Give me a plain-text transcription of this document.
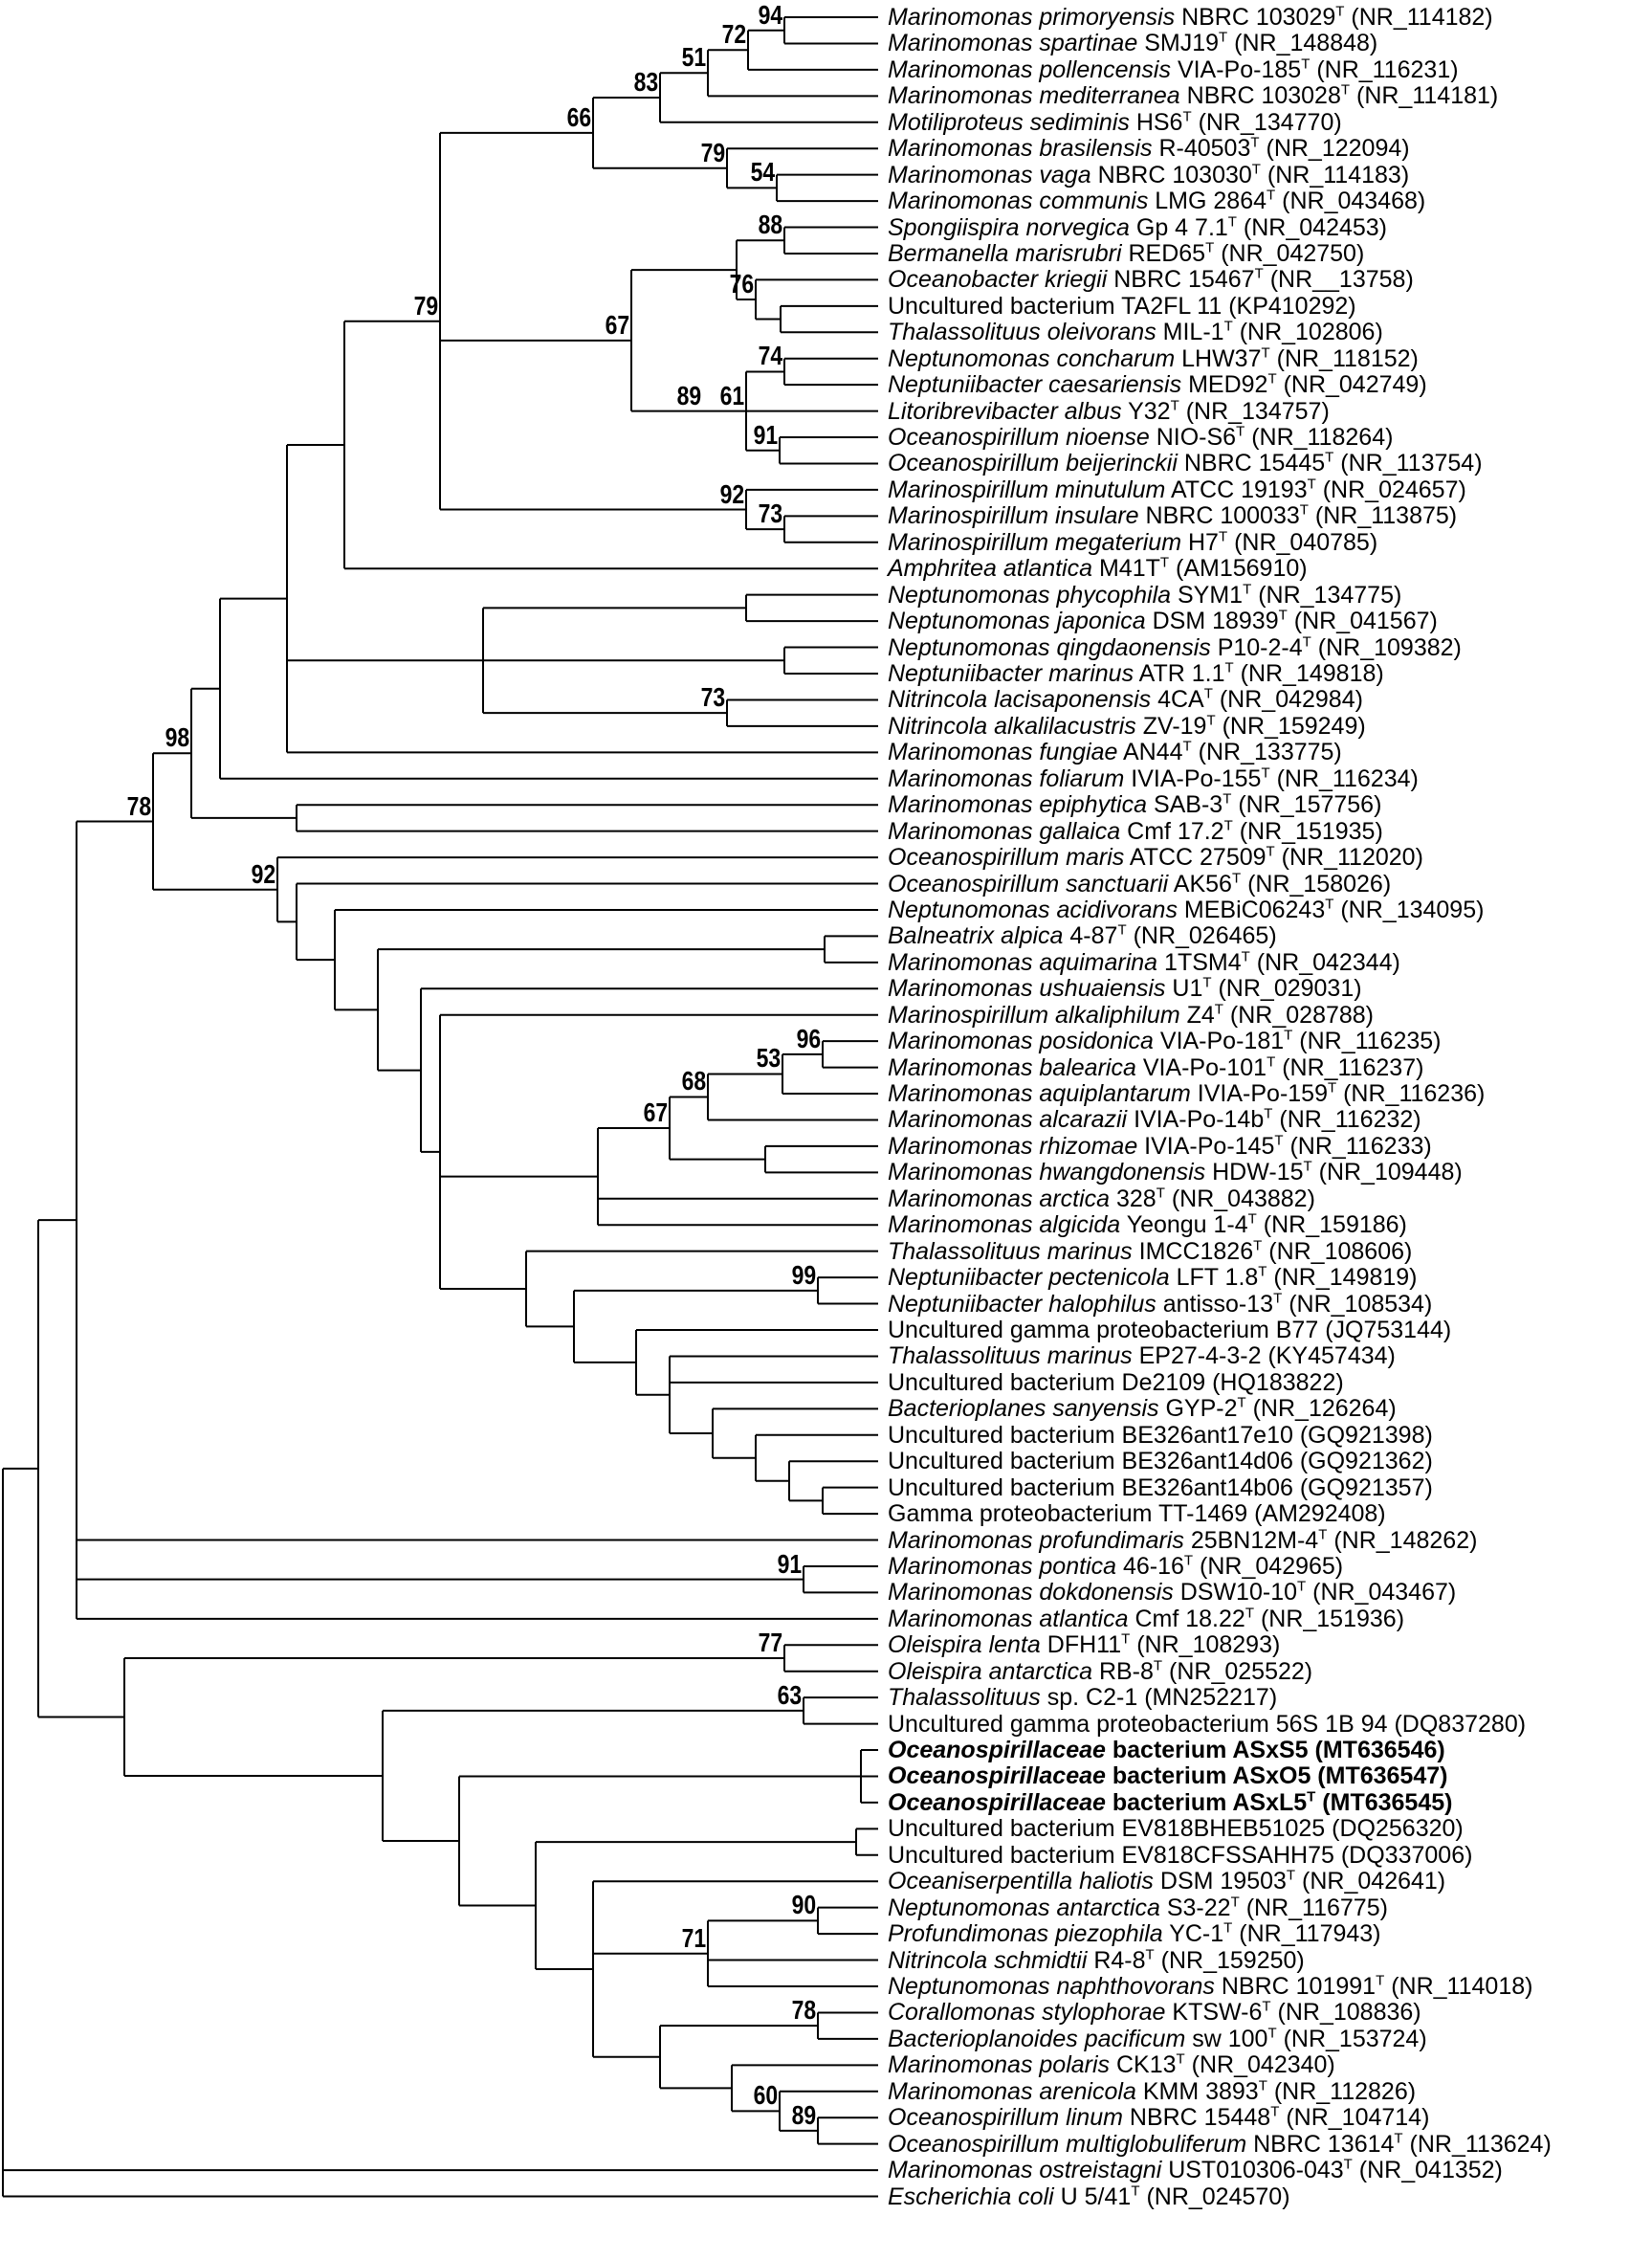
Marinomonas primoryensis NBRC $103029^T$ (NR_114182)
Marinomonas spartinae $SMJ19^T$ (NR_148848)
Marinomonas pollencensis VIA-$Po-185^T$ (NR_116231)
Marinomonas mediterranea NBRC $103028^T$ (NR_114181)
Motiliproteus sediminis $HS6^T$ (NR_134770)
Marinomonas brasilensis $R-40503^T$ (NR_122094)
Marinomonas vaga NBRC $103030^T$ (NR_114183)
Marinomonas communis LMG $2864^T$ (NR_043468)
Spongiispira norvegica Gp 4 $7.1^T$ (NR_042453)
Bermanella marisrubri $RED65^T$ (NR_042750)
Oceanobacter kriegii NBRC $15467^T$ (NR__13758)
Uncultured bacterium TA2FL 11 (KP410292)
Thalassolituus oleivorans MIL-$1^T$ (NR_102806)
Neptunomonas concharum $LHW37^T$ (NR_118152)
Neptuniibacter caesariensis $MED92^T$ (NR_042749)
Litoribrevibacter albus $Y32^T$ (NR_134757)
Oceanospirillum nioense NIO-$S6^T$ (NR_118264)
Oceanospirillum beijerinckii NBRC $15445^T$ (NR_113754)
Marinospirillum minutulum ATCC $19193^T$ (NR_024657)
Marinospirillum insulare NBRC $100033^T$ (NR_113875)
Marinospirillum megaterium $H7^T$ (NR_040785)
Amphritea atlantica $M41T^T$ (AM156910)
Neptunomonas phycophila $SYM1^T$ (NR_134775)
Neptunomonas japonica DSM $18939^T$ (NR_041567)
Neptunomonas qingdaonensis $P10-2-4^T$ (NR_109382)
Neptuniibacter marinus ATR $1.1^T$ (NR_149818)
Nitrincola lacisaponensis $4CA^T$ (NR_042984)
Nitrincola alkalilacustris $ZV-19^T$ (NR_159249)
Marinomonas fungiae $AN44^T$ (NR_133775)
Marinomonas foliarum IVIA-$Po-155^T$ (NR_116234)
Marinomonas epiphytica SAB-$3^T$ (NR_157756)
Marinomonas gallaica Cmf $17.2^T$ (NR_151935)
Oceanospirillum maris ATCC $27509^T$ (NR_112020)
Oceanospirillum sanctuarii $AK56^T$ (NR_158026)
Neptunomonas acidivorans $MEBiC06243^T$ (NR_134095)
Balneatrix alpica $4-87^T$ (NR_026465)
Marinomonas aquimarina $1TSM4^T$ (NR_042344)
Marinomonas ushuaiensis $U1^T$ (NR_029031)
Marinospirillum alkaliphilum $Z4^T$ (NR_028788)
Marinomonas posidonica VIA-$Po-181^T$ (NR_116235)
Marinomonas balearica VIA-$Po-101^T$ (NR_116237)
Marinomonas aquiplantarum IVIA-$Po-159^T$ (NR_116236)
Marinomonas alcarazii IVIA-$Po-14b^T$ (NR_116232)
Marinomonas rhizomae IVIA-$Po-145^T$ (NR_116233)
Marinomonas hwangdonensis HDW-$15^T$ (NR_109448)
Marinomonas arctica $328^T$ (NR_043882)
Marinomonas algicida Yeongu $1-4^T$ (NR_159186)
Thalassolituus marinus $IMCC1826^T$ (NR_108606)
Neptuniibacter pectenicola LFT $1.8^T$ (NR_149819)
Neptuniibacter halophilus antisso-$13^T$ (NR_108534)
Uncultured gamma proteobacterium B77 (JQ753144)
Thalassolituus marinus EP27-4-3-2 (KY457434)
Uncultured bacterium De2109 (HQ183822)
Bacterioplanes sanyensis GYP-$2^T$ (NR_126264)
Uncultured bacterium BE326ant17e10 (GQ921398)
Uncultured bacterium BE326ant14d06 (GQ921362)
Uncultured bacterium BE326ant14b06 (GQ921357)
Gamma proteobacterium TT-1469 (AM292408)
Marinomonas profundimaris $25BN12M-4^T$ (NR_148262)
Marinomonas pontica $46-16^T$ (NR_042965)
Marinomonas dokdonensis $DSW10-10^T$ (NR_043467)
Marinomonas atlantica Cmf $18.22^T$ (NR_151936)
Oleispira lenta $DFH11^T$ (NR_108293)
Oleispira antarctica $RB-8^T$ (NR_025522)
Thalassolituus sp. C2-1 (MN252217)
Uncultured gamma proteobacterium 56S 1B 94 (DQ837280)
Oceanospirillaceae bacterium ASxS5 (MT636546)
Oceanospirillaceae bacterium ASxO5 (MT636547)
Oceanospirillaceae bacterium $ASxL5^T$ (MT636545)
Uncultured bacterium EV818BHEB51025 (DQ256320)
Uncultured bacterium EV818CFSSAHH75 (DQ337006)
Oceaniserpentilla haliotis DSM $19503^T$ (NR_042641)
Neptunomonas antarctica $S3-22^T$ (NR_116775)
Profundimonas piezophila $YC-1^T$ (NR_117943)
Nitrincola schmidtii $R4-8^T$ (NR_159250)
Neptunomonas naphthovorans NBRC $101991^T$ (NR_114018)
Corallomonas stylophorae KTSW-$6^T$ (NR_108836)
Bacterioplanoides pacificum sw $100^T$ (NR_153724)
Marinomonas polaris $CK13^T$ (NR_042340)
Marinomonas arenicola KMM $3893^T$ (NR_112826)
Oceanospirillum linum NBRC $15448^T$ (NR_104714)
Oceanospirillum multiglobuliferum NBRC $13614^T$ (NR_113624)
Marinomonas ostreistagni $UST010306-043^T$ (NR_041352)
Escherichia coli U $5/41^T$ (NR_024570)
94
72
51
83
66
79
54
67
88
76
79
74
89 61
91
92
73
73
98
78
92
96
53
68
67
99
91
77
63
90
71
78
60
89
